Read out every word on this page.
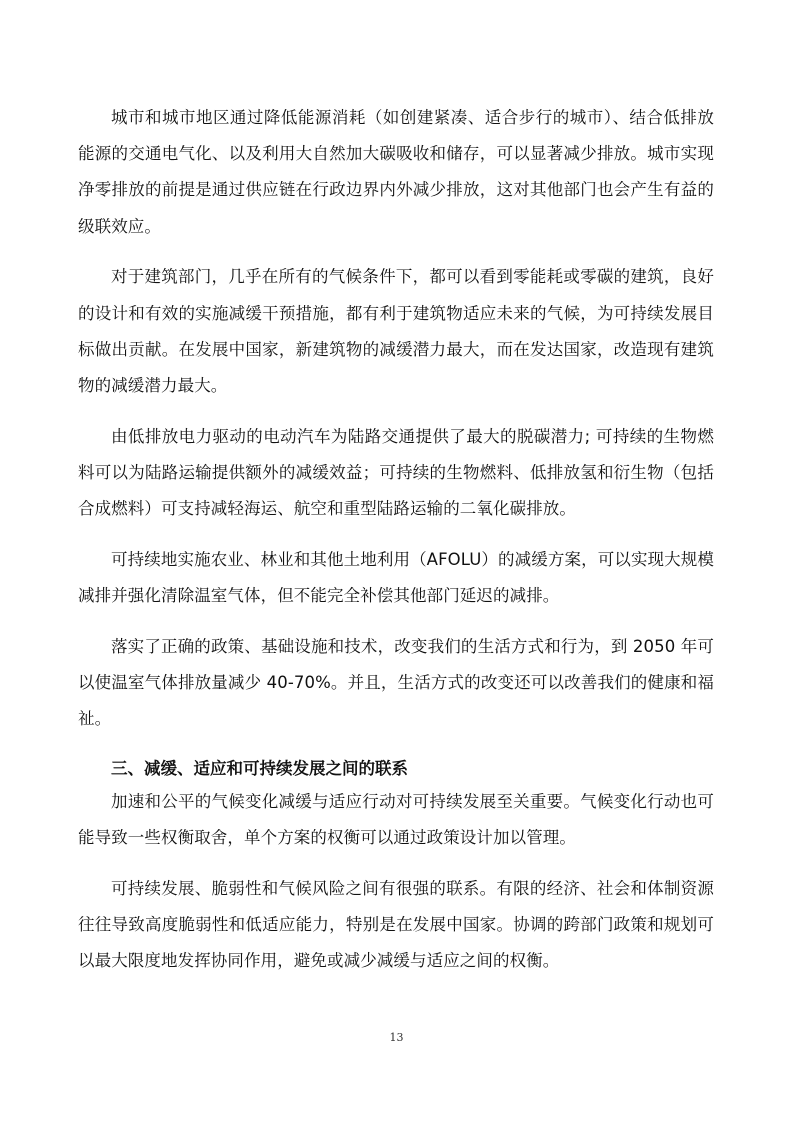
城市和城市地区通过降低能源消耗（如创建紧凑、适合步行的城市）、结合低排放能源的交通电气化、以及利用大自然加大碳吸收和储存，可以显著减少排放。城市实现净零排放的前提是通过供应链在行政边界内外减少排放，这对其他部门也会产生有益的级联效应。

对于建筑部门，几乎在所有的气候条件下，都可以看到零能耗或零碳的建筑，良好的设计和有效的实施减缓干预措施，都有利于建筑物适应未来的气候，为可持续发展目标做出贡献。在发展中国家，新建筑物的减缓潜力最大，而在发达国家，改造现有建筑物的减缓潜力最大。

由低排放电力驱动的电动汽车为陆路交通提供了最大的脱碳潜力; 可持续的生物燃料可以为陆路运输提供额外的减缓效益；可持续的生物燃料、低排放氢和衍生物（包括合成燃料）可支持减轻海运、航空和重型陆路运输的二氧化碳排放。

可持续地实施农业、林业和其他土地利用（AFOLU）的减缓方案，可以实现大规模减排并强化清除温室气体，但不能完全补偿其他部门延迟的减排。

落实了正确的政策、基础设施和技术，改变我们的生活方式和行为，到 2050 年可以使温室气体排放量减少 40-70%。并且，生活方式的改变还可以改善我们的健康和福祉。

三、减缓、适应和可持续发展之间的联系

加速和公平的气候变化减缓与适应行动对可持续发展至关重要。气候变化行动也可能导致一些权衡取舍，单个方案的权衡可以通过政策设计加以管理。

可持续发展、脆弱性和气候风险之间有很强的联系。有限的经济、社会和体制资源往往导致高度脆弱性和低适应能力，特别是在发展中国家。协调的跨部门政策和规划可以最大限度地发挥协同作用，避免或减少减缓与适应之间的权衡。

13
